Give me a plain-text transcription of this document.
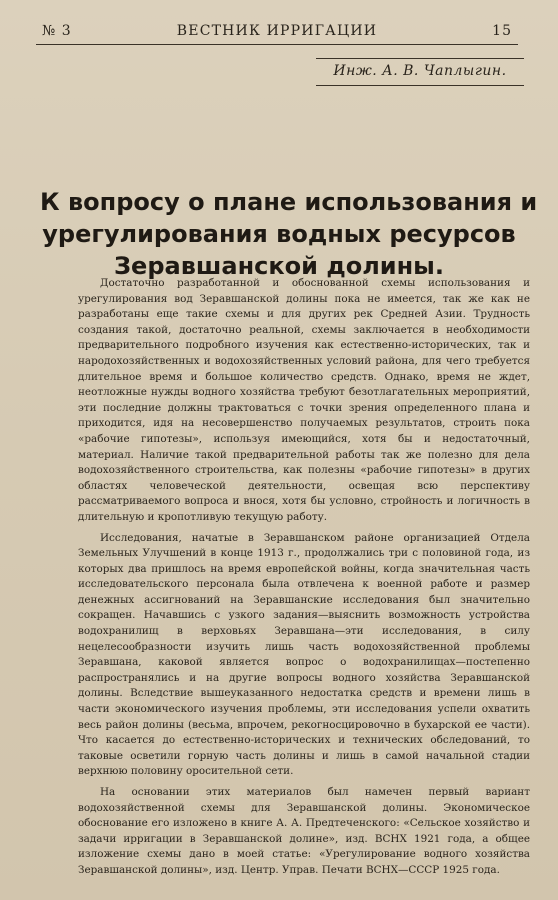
№ 3	ВЕСТНИК ИРРИГАЦИИ	15
Инж. А. В. Чаплыгин.
К вопросу о плане использования и
урегулирования водных ресурсов
Зеравшанской долины.

Достаточно разработанной и обоснованной схемы использования и урегулирования вод Зеравшанской долины пока не имеется, так же как не разработаны еще такие схемы и для других рек Средней Азии. Трудность создания такой, достаточно реальной, схемы заключается в необходимости предварительного подробного изучения как естественно-исторических, так и народохозяйственных и водохозяйственных условий района, для чего требуется длительное время и большое количество средств. Однако, время не ждет, неотложные нужды водного хозяйства требуют безотлагательных мероприятий, эти последние должны трактоваться с точки зрения определенного плана и приходится, идя на несовершенство получаемых результатов, строить пока «рабочие гипотезы», используя имеющийся, хотя бы и недостаточный, материал. Наличие такой предварительной работы так же полезно для дела водохозяйственного строительства, как полезны «рабочие гипотезы» в других областях человеческой деятельности, освещая всю перспективу рассматриваемого вопроса и внося, хотя бы условно, стройность и логичность в длительную и кропотливую текущую работу.

Исследования, начатые в Зеравшанском районе организацией Отдела Земельных Улучшений в конце 1913 г., продолжались три с половиной года, из которых два пришлось на время европейской войны, когда значительная часть исследовательского персонала была отвлечена к военной работе и размер денежных ассигнований на Зеравшанские исследования был значительно сокращен. Начавшись с узкого задания—выяснить возможность устройства водохранилищ в верховьях Зеравшана—эти исследования, в силу нецелесообразности изучить лишь часть водохозяйственной проблемы Зеравшана, каковой является вопрос о водохранилищах—постепенно распространялись и на другие вопросы водного хозяйства Зеравшанской долины. Вследствие вышеуказанного недостатка средств и времени лишь в части экономического изучения проблемы, эти исследования успели охватить весь район долины (весьма, впрочем, рекогносцировочно в бухарской ее части). Что касается до естественно-исторических и технических обследований, то таковые осветили горную часть долины и лишь в самой начальной стадии верхнюю половину оросительной сети.

На основании этих материалов был намечен первый вариант водохозяйственной схемы для Зеравшанской долины. Экономическое обоснование его изложено в книге А. А. Предтеченского: «Сельское хозяйство и задачи ирригации в Зеравшанской долине», изд. ВСНХ 1921 года, а общее изложение схемы дано в моей статье: «Урегулирование водного хозяйства Зеравшанской долины», изд. Центр. Управ. Печати ВСНХ—СССР 1925 года.
